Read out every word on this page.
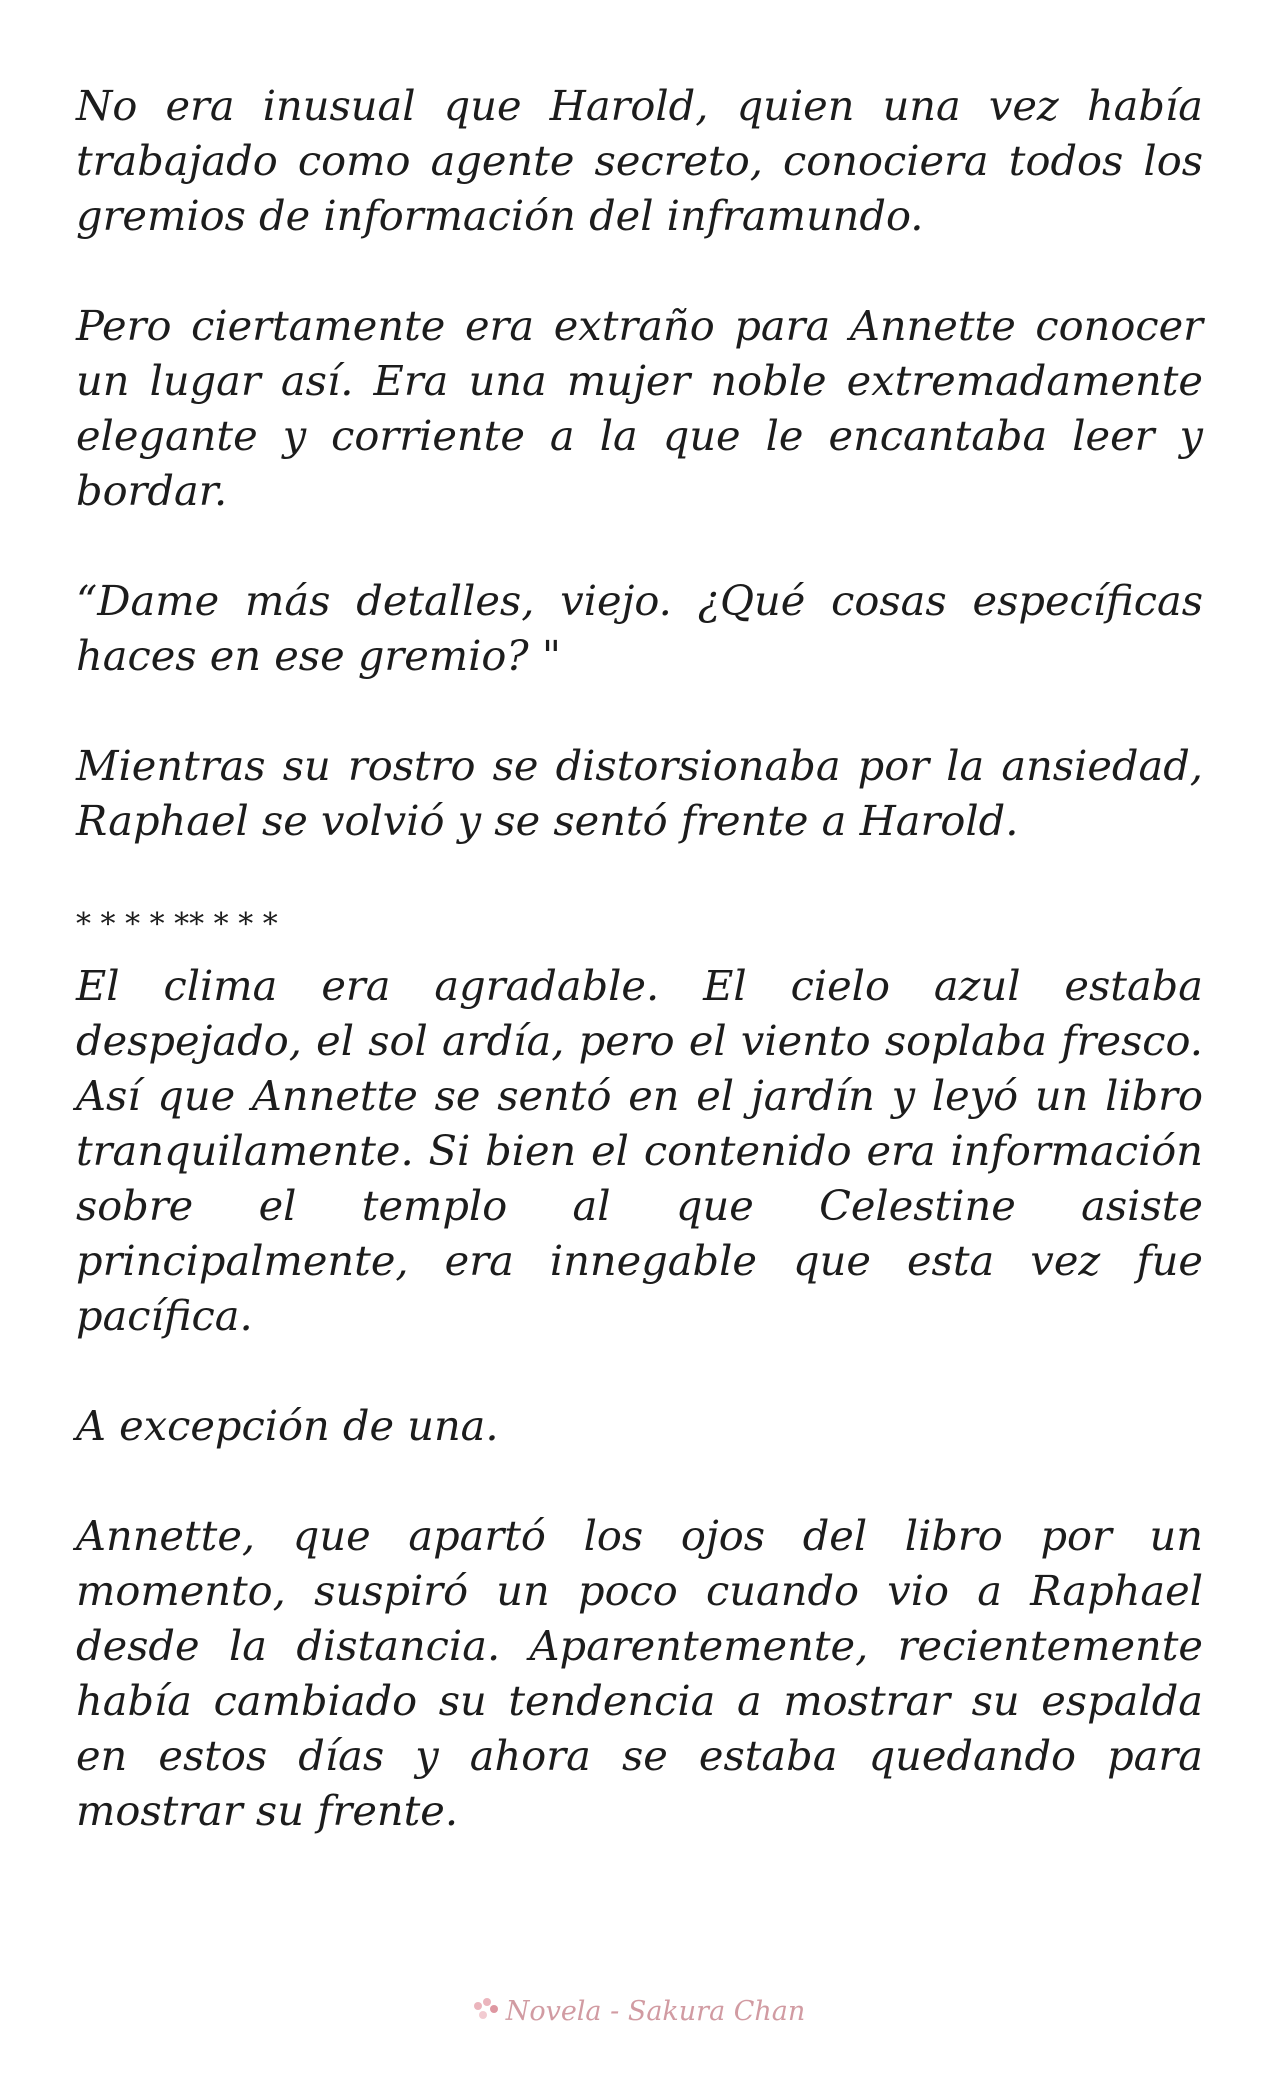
No era inusual que Harold, quien una vez había trabajado como agente secreto, conociera todos los gremios de información del inframundo.

Pero ciertamente era extraño para Annette conocer un lugar así. Era una mujer noble extremadamente elegante y corriente a la que le encantaba leer y bordar.

“Dame más detalles, viejo. ¿Qué cosas específicas haces en ese gremio? "

Mientras su rostro se distorsionaba por la ansiedad, Raphael se volvió y se sentó frente a Harold.

* * * * ** * * *

El clima era agradable. El cielo azul estaba despejado, el sol ardía, pero el viento soplaba fresco. Así que Annette se sentó en el jardín y leyó un libro tranquilamente. Si bien el contenido era información sobre el templo al que Celestine asiste principalmente, era innegable que esta vez fue pacífica.

A excepción de una.

Annette, que apartó los ojos del libro por un momento, suspiró un poco cuando vio a Raphael desde la distancia. Aparentemente, recientemente había cambiado su tendencia a mostrar su espalda en estos días y ahora se estaba quedando para mostrar su frente.

Novela - Sakura Chan
